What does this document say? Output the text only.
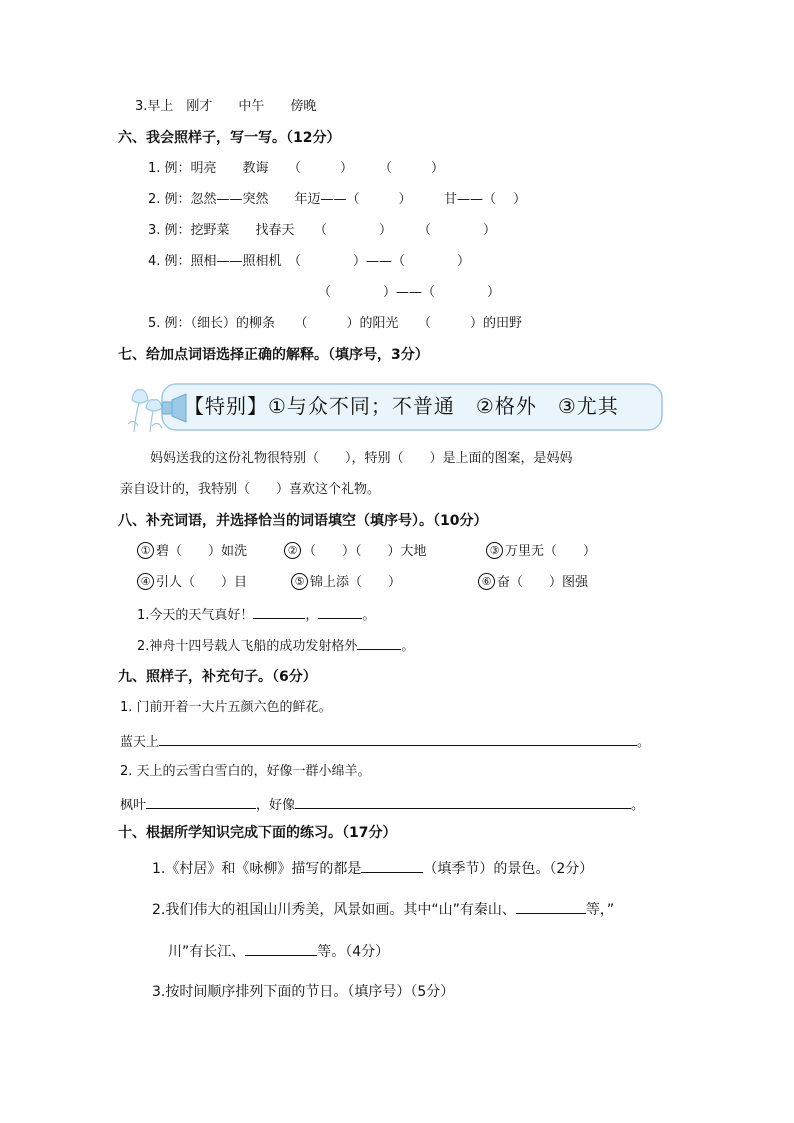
3.早上　刚才　　中午　　傍晚
六、我会照样子，写一写。（12分）
1. 例：明亮　　教诲　　（　　　）　　　（　　　）
2. 例：忽然——突然　　年迈——（　　　）　　　甘——（　 ）
3. 例：挖野菜　　找春天　　（　　　　）　　　（　　　　）
4. 例：照相——照相机　（　　　　）——（　　　　）
（　　　　）——（　　　　）
5. 例：（细长）的柳条　　（　　　）的阳光　　（　　　）的田野
七、给加点词语选择正确的解释。（填序号，3分）
【特别】①与众不同；不普通　②格外　③尤其
妈妈送我的这份礼物很特别（　　），特别（　　）是上面的图案，是妈妈
亲自设计的，我特别（　　）喜欢这个礼物。
八、补充词语，并选择恰当的词语填空（填序号）。（10分）
① 碧（　　）如洗	② （　　）（　　）大地	③ 万里无（　　）
④ 引人（　　）目	⑤ 锦上添（　　）	⑥ 奋（　　）图强
1.今天的天气真好！	，	。
2.神舟十四号载人飞船的成功发射格外	。
九、照样子，补充句子。（6分）
1. 门前开着一大片五颜六色的鲜花。
蓝天上	。
2. 天上的云雪白雪白的，好像一群小绵羊。
枫叶	，好像	。
十、根据所学知识完成下面的练习。（17分）
1.《村居》和《咏柳》描写的都是	（填季节）的景色。（2分）
2.我们伟大的祖国山川秀美，风景如画。其中“山”有秦山、	等，”
川”有长江、	等。（4分）
3.按时间顺序排列下面的节日。（填序号）（5分）
